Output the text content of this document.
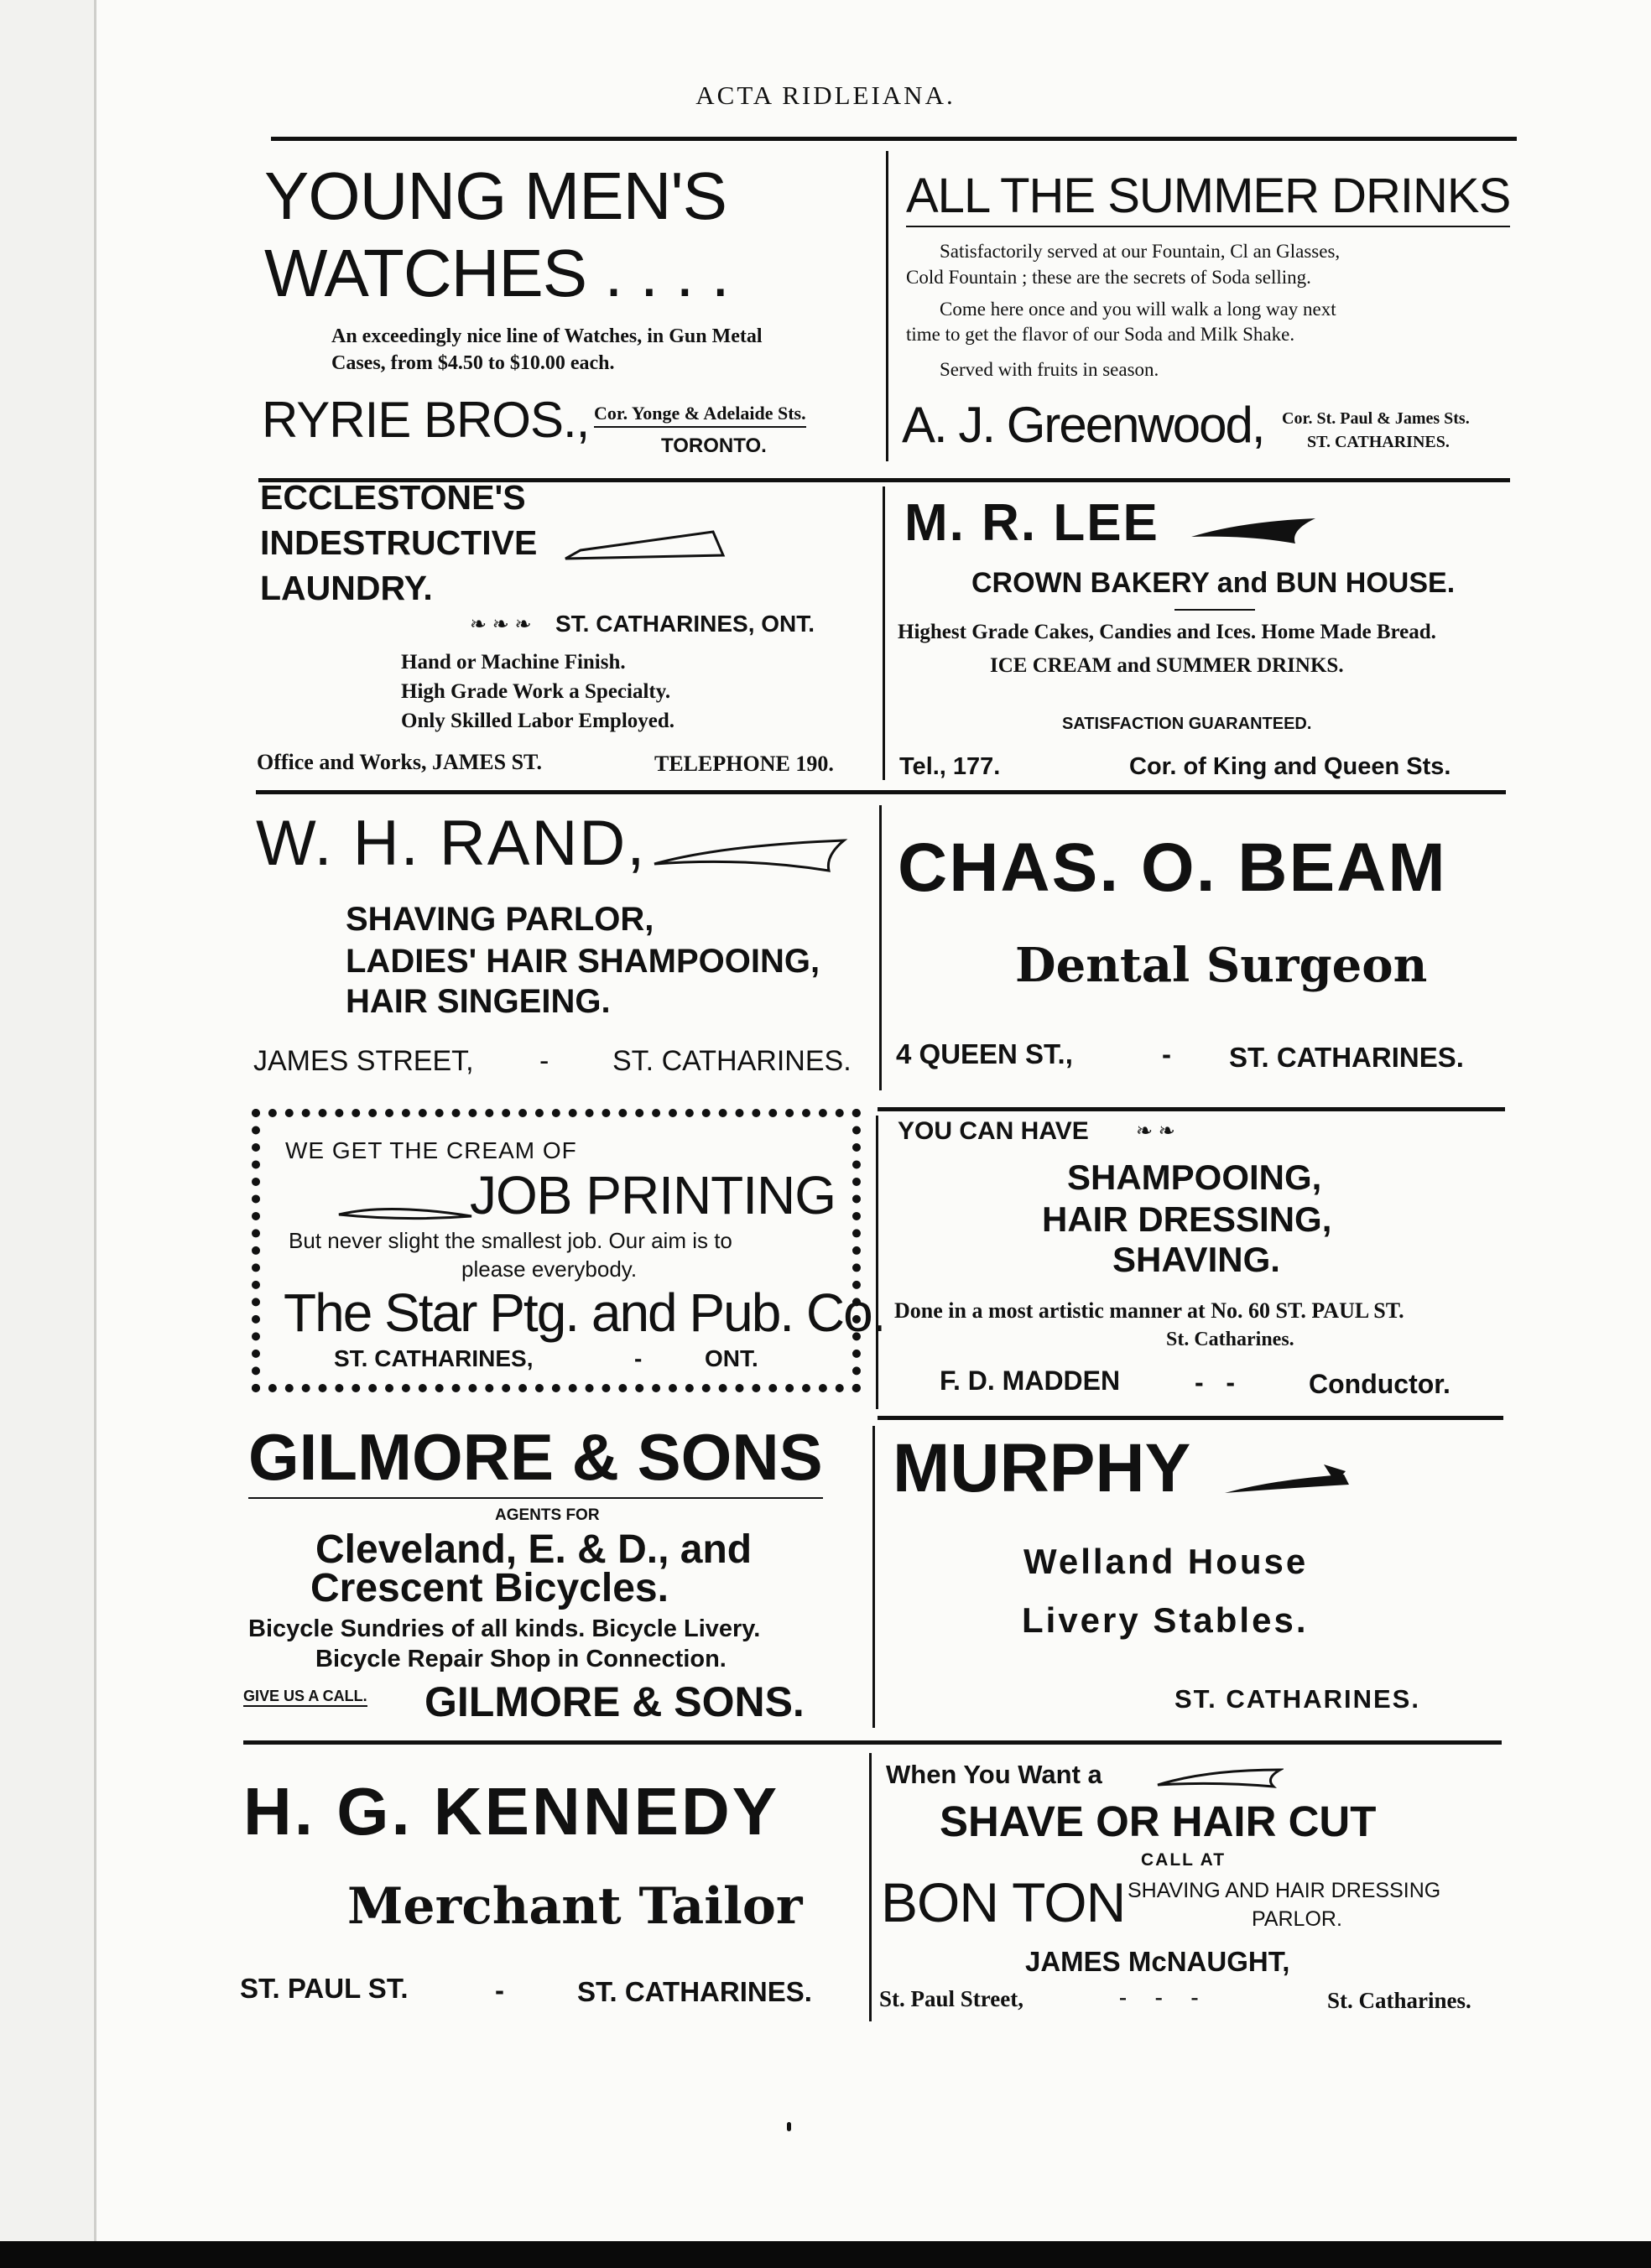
ACTA RIDLEIANA.
YOUNG MEN'S
WATCHES . . . .
An exceedingly nice line of Watches, in Gun Metal
Cases, from $4.50 to $10.00 each.
RYRIE BROS., Cor. Yonge & Adelaide Sts.
TORONTO.
ALL THE SUMMER DRINKS
Satisfactorily served at our Fountain, Cl an Glasses,
Cold Fountain ; these are the secrets of Soda selling.
Come here once and you will walk a long way next
time to get the flavor of our Soda and Milk Shake.
Served with fruits in season.
A. J. Greenwood, Cor. St. Paul & James Sts.
ST. CATHARINES.
ECCLESTONE'S
INDESTRUCTIVE
LAUNDRY.
❧ ❧ ❧ ST. CATHARINES, ONT.
Hand or Machine Finish.
High Grade Work a Specialty.
Only Skilled Labor Employed.
Office and Works, JAMES ST.	TELEPHONE 190.
M. R. LEE
CROWN BAKERY and BUN HOUSE.
Highest Grade Cakes, Candies and Ices. Home Made Bread.
ICE CREAM and SUMMER DRINKS.
SATISFACTION GUARANTEED.
Tel., 177.	Cor. of King and Queen Sts.
W. H. RAND,
SHAVING PARLOR,
LADIES' HAIR SHAMPOOING,
HAIR SINGEING.
JAMES STREET, - ST. CATHARINES.
CHAS. O. BEAM
Dental Surgeon
4 QUEEN ST.,	- ST. CATHARINES.
WE GET THE CREAM OF
JOB PRINTING
But never slight the smallest job. Our aim is to
please everybody.
The Star Ptg. and Pub. Co.
ST. CATHARINES,	-	ONT.
YOU CAN HAVE ❧ ❧
SHAMPOOING,
HAIR DRESSING,
SHAVING.
Done in a most artistic manner at No. 60 ST. PAUL ST.
St. Catharines.
F. D. MADDEN	-   -	Conductor.
GILMORE & SONS
AGENTS FOR
Cleveland, E. & D., and
Crescent Bicycles.
Bicycle Sundries of all kinds. Bicycle Livery.
Bicycle Repair Shop in Connection.
GIVE US A CALL. GILMORE & SONS.
MURPHY
Welland House
Livery Stables.
ST. CATHARINES.
H. G. KENNEDY
Merchant Tailor
ST. PAUL ST.	-	ST. CATHARINES.
When You Want a
SHAVE OR HAIR CUT
CALL AT
BON TON SHAVING AND HAIR DRESSING
PARLOR.
JAMES McNAUGHT,
St. Paul Street,	-     -     -	St. Catharines.
